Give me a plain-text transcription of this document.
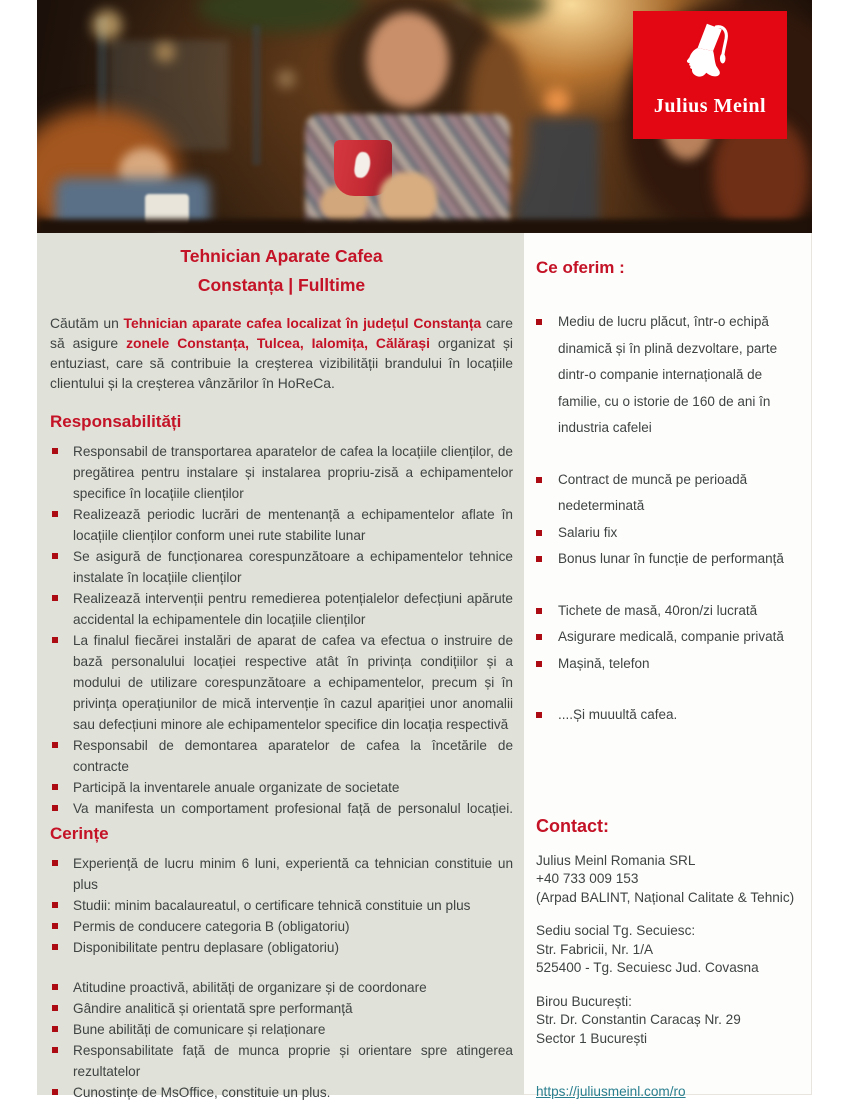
Julius Meinl
Tehnician Aparate Cafea
Constanța | Fulltime

Căutăm un Tehnician aparate cafea localizat în județul Constanța care să asigure zonele Constanța, Tulcea, Ialomița, Călărași organizat și entuziast, care să contribuie la creșterea vizibilității brandului în locațiile clientului și la creșterea vânzărilor în HoReCa.

Responsabilități
Responsabil de transportarea aparatelor de cafea la locațiile clienților, de pregătirea pentru instalare și instalarea propriu-zisă a echipamentelor specifice în locațiile clienților
Realizează periodic lucrări de mentenanță a echipamentelor aflate în locațiile clienților conform unei rute stabilite lunar
Se asigură de funcționarea corespunzătoare a echipamentelor tehnice instalate în locațiile clienților
Realizează intervenții pentru remedierea potențialelor defecțiuni apărute accidental la echipamentele din locațiile clienților
La finalul fiecărei instalări de aparat de cafea va efectua o instruire de bază personalului locației respective atât în privința condițiilor și a modului de utilizare corespunzătoare a echipamentelor, precum și în privința operațiunilor de mică intervenție în cazul apariției unor anomalii sau defecțiuni minore ale echipamentelor specifice din locația respectivă
Responsabil de demontarea aparatelor de cafea la încetările de contracte
Participă la inventarele anuale organizate de societate
Va manifesta un comportament profesional față de personalul locației.
Cerințe
Experiență de lucru minim 6 luni, experientă ca tehnician constituie un plus
Studii: minim bacalaureatul, o certificare tehnică constituie un plus
Permis de conducere categoria B (obligatoriu)
Disponibilitate pentru deplasare (obligatoriu)
Atitudine proactivă, abilități de organizare și de coordonare
Gândire analitică și orientată spre performanță
Bune abilități de comunicare și relaționare
Responsabilitate față de munca proprie și orientare spre atingerea rezultatelor
Cunostințe de MsOffice, constituie un plus.
Ce oferim :
Mediu de lucru plăcut, într-o echipă dinamică și în plină dezvoltare, parte dintr-o companie internațională de familie, cu o istorie de 160 de ani în industria cafelei
Contract de muncă pe perioadă nedeterminată
Salariu fix
Bonus lunar în funcție de performanță
Tichete de masă, 40ron/zi lucrată
Asigurare medicală, companie privată
Mașină, telefon
....Și muuultă cafea.
Contact:
Julius Meinl Romania SRL
+40 733 009 153
(Arpad BALINT, Național Calitate & Tehnic)
Sediu social Tg. Secuiesc:
Str. Fabricii, Nr. 1/A
525400 - Tg. Secuiesc Jud. Covasna
Birou București:
Str. Dr. Constantin Caracaș Nr. 29
Sector 1 București
https://juliusmeinl.com/ro
